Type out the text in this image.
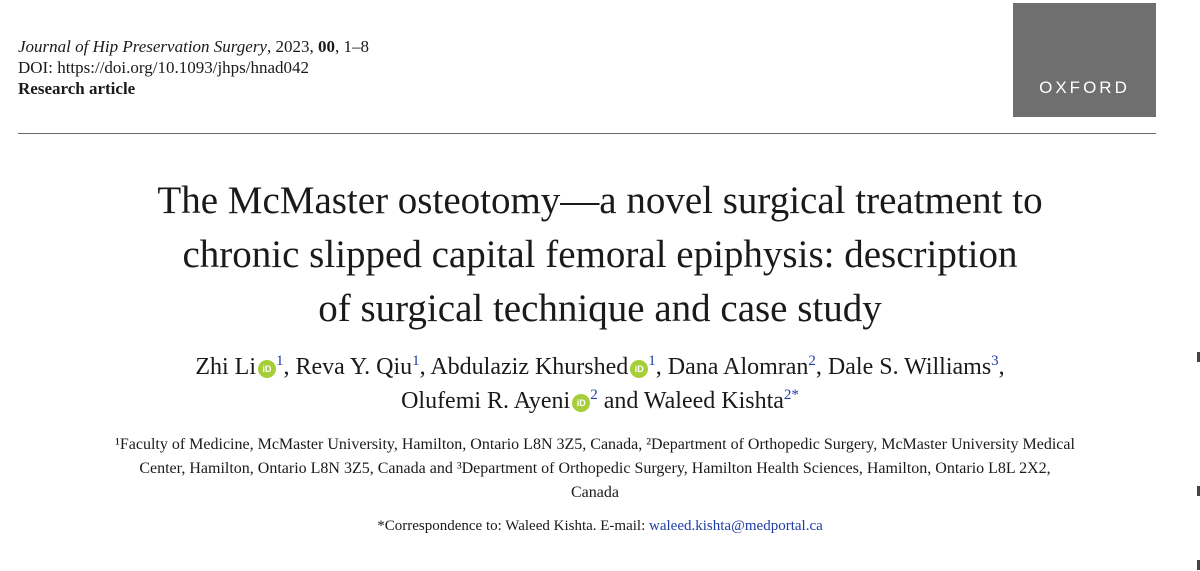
Journal of Hip Preservation Surgery, 2023, 00, 1–8
DOI: https://doi.org/10.1093/jhps/hnad042
Research article	OXFORD
The McMaster osteotomy—a novel surgical treatment to
chronic slipped capital femoral epiphysis: description
of surgical technique and case study
Zhi Li iD $^1$, Reva Y. Qiu$^1$, Abdulaziz Khurshed iD $^1$, Dana Alomran$^2$, Dale S. Williams$^3$,
Olufemi R. Ayeni iD $^2$ and Waleed Kishta$^{2*}$
¹Faculty of Medicine, McMaster University, Hamilton, Ontario L8N 3Z5, Canada, ²Department of Orthopedic Surgery, McMaster University Medical
Center, Hamilton, Ontario L8N 3Z5, Canada and ³Department of Orthopedic Surgery, Hamilton Health Sciences, Hamilton, Ontario L8L 2X2,
Canada
*Correspondence to: Waleed Kishta. E-mail: waleed.kishta@medportal.ca
